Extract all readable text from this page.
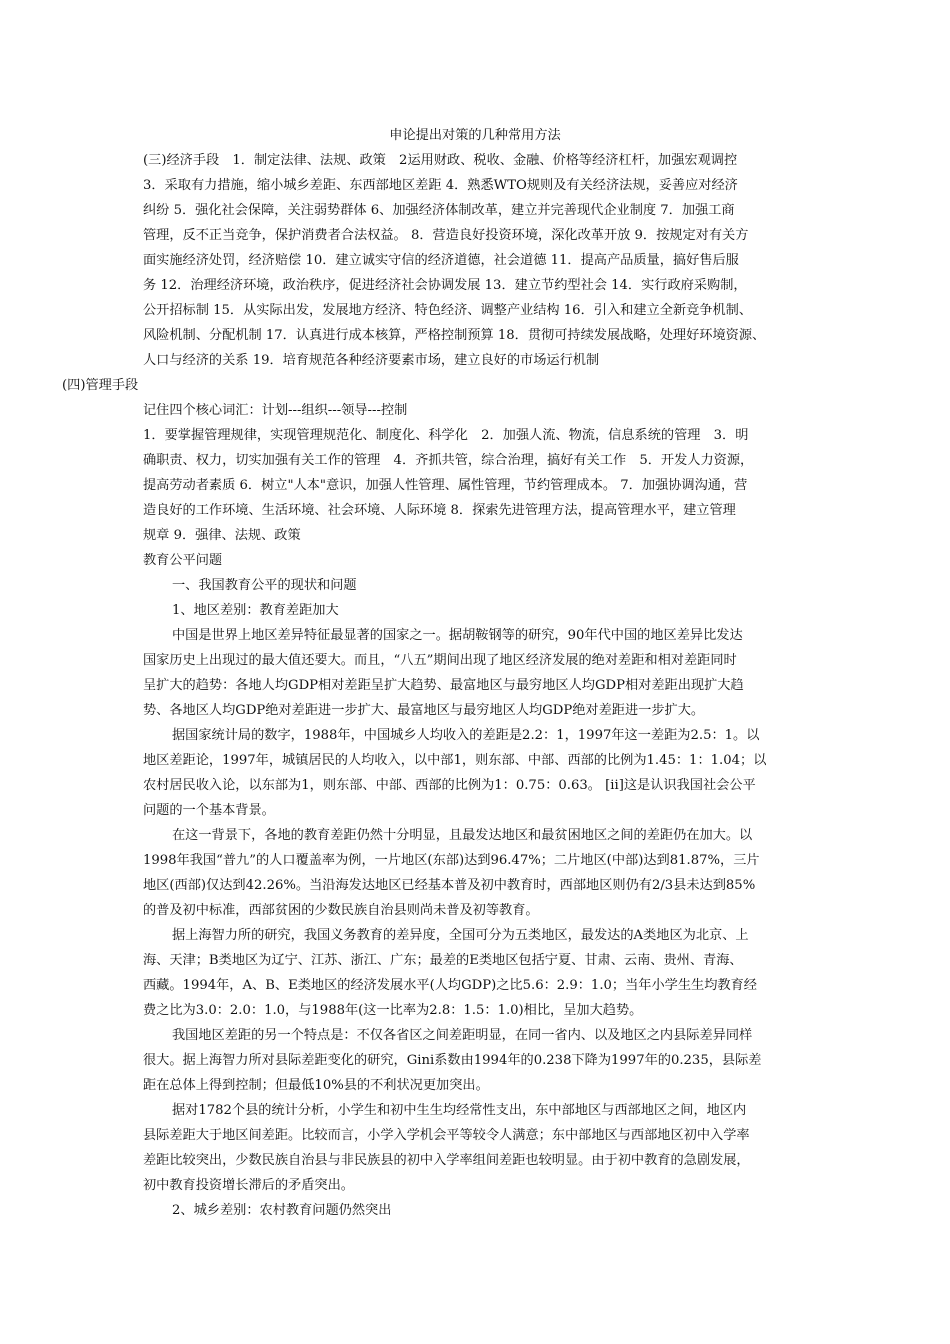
申论提出对策的几种常用方法
(三)经济手段　1．制定法律、法规、政策　2运用财政、税收、金融、价格等经济杠杆，加强宏观调控
3．采取有力措施，缩小城乡差距、东西部地区差距 4．熟悉WTO规则及有关经济法规，妥善应对经济
纠纷 5．强化社会保障，关注弱势群体 6、加强经济体制改革，建立并完善现代企业制度 7．加强工商
管理，反不正当竞争，保护消费者合法权益。 8．营造良好投资环境，深化改革开放 9．按规定对有关方
面实施经济处罚，经济赔偿 10．建立诚实守信的经济道德，社会道德 11．提高产品质量，搞好售后服
务 12．治理经济环境，政治秩序，促进经济社会协调发展 13．建立节约型社会 14．实行政府采购制，
公开招标制 15．从实际出发，发展地方经济、特色经济、调整产业结构 16．引入和建立全新竞争机制、
风险机制、分配机制 17．认真进行成本核算，严格控制预算 18．贯彻可持续发展战略，处理好环境资源、
人口与经济的关系 19．培育规范各种经济要素市场，建立良好的市场运行机制
(四)管理手段
记住四个核心词汇：计划---组织---领导---控制
1．要掌握管理规律，实现管理规范化、制度化、科学化　2．加强人流、物流，信息系统的管理　3．明
确职责、权力，切实加强有关工作的管理　4．齐抓共管，综合治理，搞好有关工作　5．开发人力资源，
提高劳动者素质 6．树立"人本"意识，加强人性管理、属性管理，节约管理成本。 7．加强协调沟通，营
造良好的工作环境、生活环境、社会环境、人际环境 8．探索先进管理方法，提高管理水平，建立管理
规章 9．强律、法规、政策
教育公平问题
一、我国教育公平的现状和问题
1、地区差别：教育差距加大
中国是世界上地区差异特征最显著的国家之一。据胡鞍钢等的研究，90年代中国的地区差异比发达
国家历史上出现过的最大值还要大。而且，“八五”期间出现了地区经济发展的绝对差距和相对差距同时
呈扩大的趋势：各地人均GDP相对差距呈扩大趋势、最富地区与最穷地区人均GDP相对差距出现扩大趋
势、各地区人均GDP绝对差距进一步扩大、最富地区与最穷地区人均GDP绝对差距进一步扩大。
据国家统计局的数字，1988年，中国城乡人均收入的差距是2.2：1，1997年这一差距为2.5：1。以
地区差距论，1997年，城镇居民的人均收入，以中部1，则东部、中部、西部的比例为1.45：1：1.04；以
农村居民收入论，以东部为1，则东部、中部、西部的比例为1：0.75：0.63。 [ii]这是认识我国社会公平
问题的一个基本背景。
在这一背景下，各地的教育差距仍然十分明显，且最发达地区和最贫困地区之间的差距仍在加大。以
1998年我国“普九”的人口覆盖率为例，一片地区(东部)达到96.47%；二片地区(中部)达到81.87%，三片
地区(西部)仅达到42.26%。当沿海发达地区已经基本普及初中教育时，西部地区则仍有2/3县未达到85%
的普及初中标准，西部贫困的少数民族自治县则尚未普及初等教育。
据上海智力所的研究，我国义务教育的差异度，全国可分为五类地区，最发达的A类地区为北京、上
海、天津；B类地区为辽宁、江苏、浙江、广东；最差的E类地区包括宁夏、甘肃、云南、贵州、青海、
西藏。1994年，A、B、E类地区的经济发展水平(人均GDP)之比5.6：2.9：1.0；当年小学生生均教育经
费之比为3.0：2.0：1.0，与1988年(这一比率为2.8：1.5：1.0)相比，呈加大趋势。
我国地区差距的另一个特点是：不仅各省区之间差距明显，在同一省内、以及地区之内县际差异同样
很大。据上海智力所对县际差距变化的研究，Gini系数由1994年的0.238下降为1997年的0.235，县际差
距在总体上得到控制；但最低10%县的不利状况更加突出。
据对1782个县的统计分析，小学生和初中生生均经常性支出，东中部地区与西部地区之间，地区内
县际差距大于地区间差距。比较而言，小学入学机会平等较令人满意；东中部地区与西部地区初中入学率
差距比较突出，少数民族自治县与非民族县的初中入学率组间差距也较明显。由于初中教育的急剧发展，
初中教育投资增长滞后的矛盾突出。
2、城乡差别：农村教育问题仍然突出
